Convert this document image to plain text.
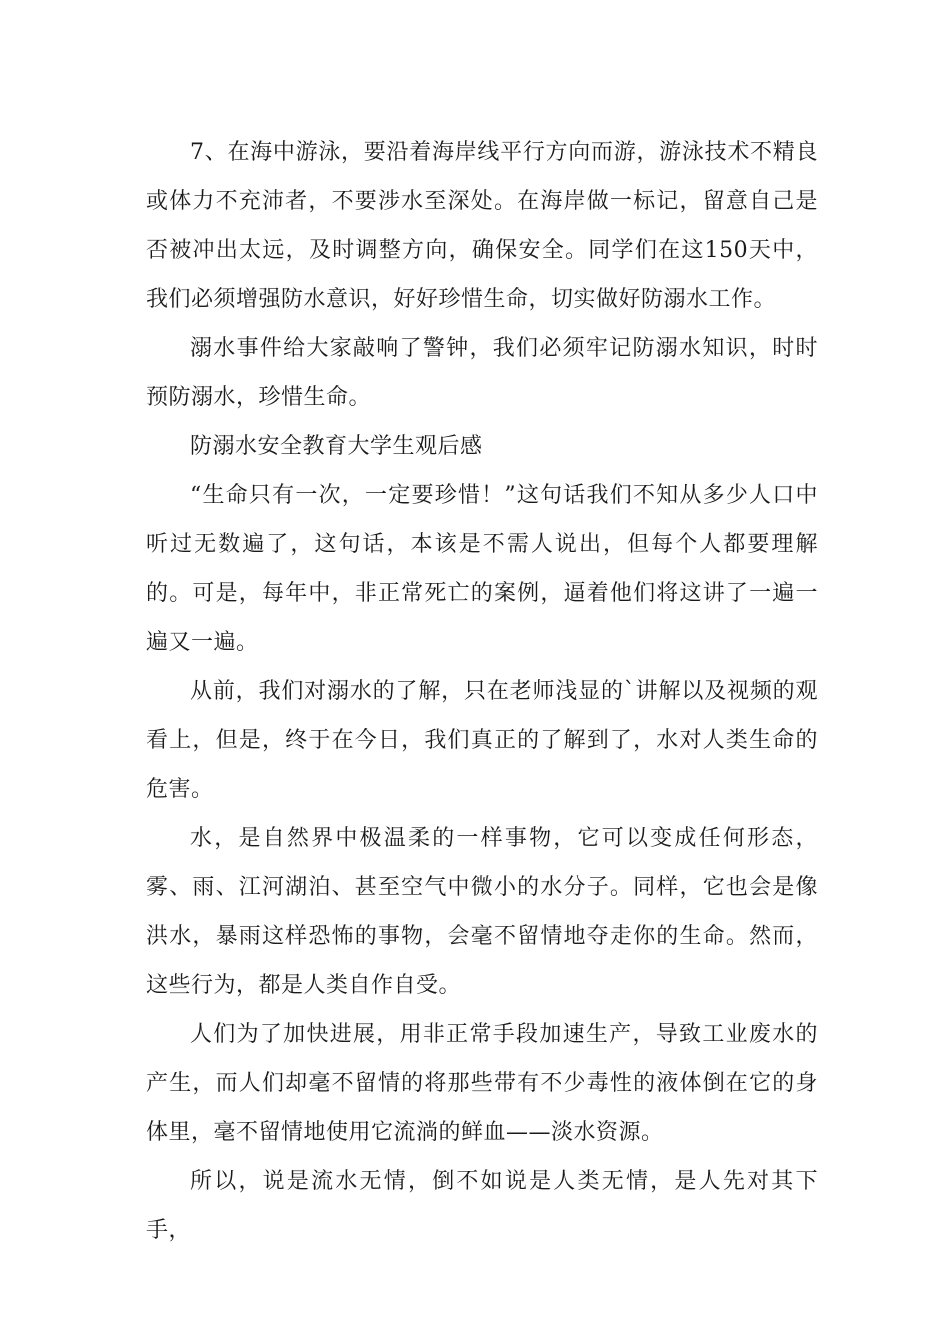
7、在海中游泳，要沿着海岸线平行方向而游，游泳技术不精良或体力不充沛者，不要涉水至深处。在海岸做一标记，留意自己是否被冲出太远，及时调整方向，确保安全。同学们在这150天中，我们必须增强防水意识，好好珍惜生命，切实做好防溺水工作。

溺水事件给大家敲响了警钟，我们必须牢记防溺水知识，时时预防溺水，珍惜生命。

防溺水安全教育大学生观后感

“生命只有一次，一定要珍惜！”这句话我们不知从多少人口中听过无数遍了，这句话，本该是不需人说出，但每个人都要理解的。可是，每年中，非正常死亡的案例，逼着他们将这讲了一遍一遍又一遍。

从前，我们对溺水的了解，只在老师浅显的`讲解以及视频的观看上，但是，终于在今日，我们真正的了解到了，水对人类生命的危害。

水，是自然界中极温柔的一样事物，它可以变成任何形态，雾、雨、江河湖泊、甚至空气中微小的水分子。同样，它也会是像洪水，暴雨这样恐怖的事物，会毫不留情地夺走你的生命。然而，这些行为，都是人类自作自受。

人们为了加快进展，用非正常手段加速生产，导致工业废水的产生，而人们却毫不留情的将那些带有不少毒性的液体倒在它的身体里，毫不留情地使用它流淌的鲜血——淡水资源。

所以，说是流水无情，倒不如说是人类无情，是人先对其下手，
